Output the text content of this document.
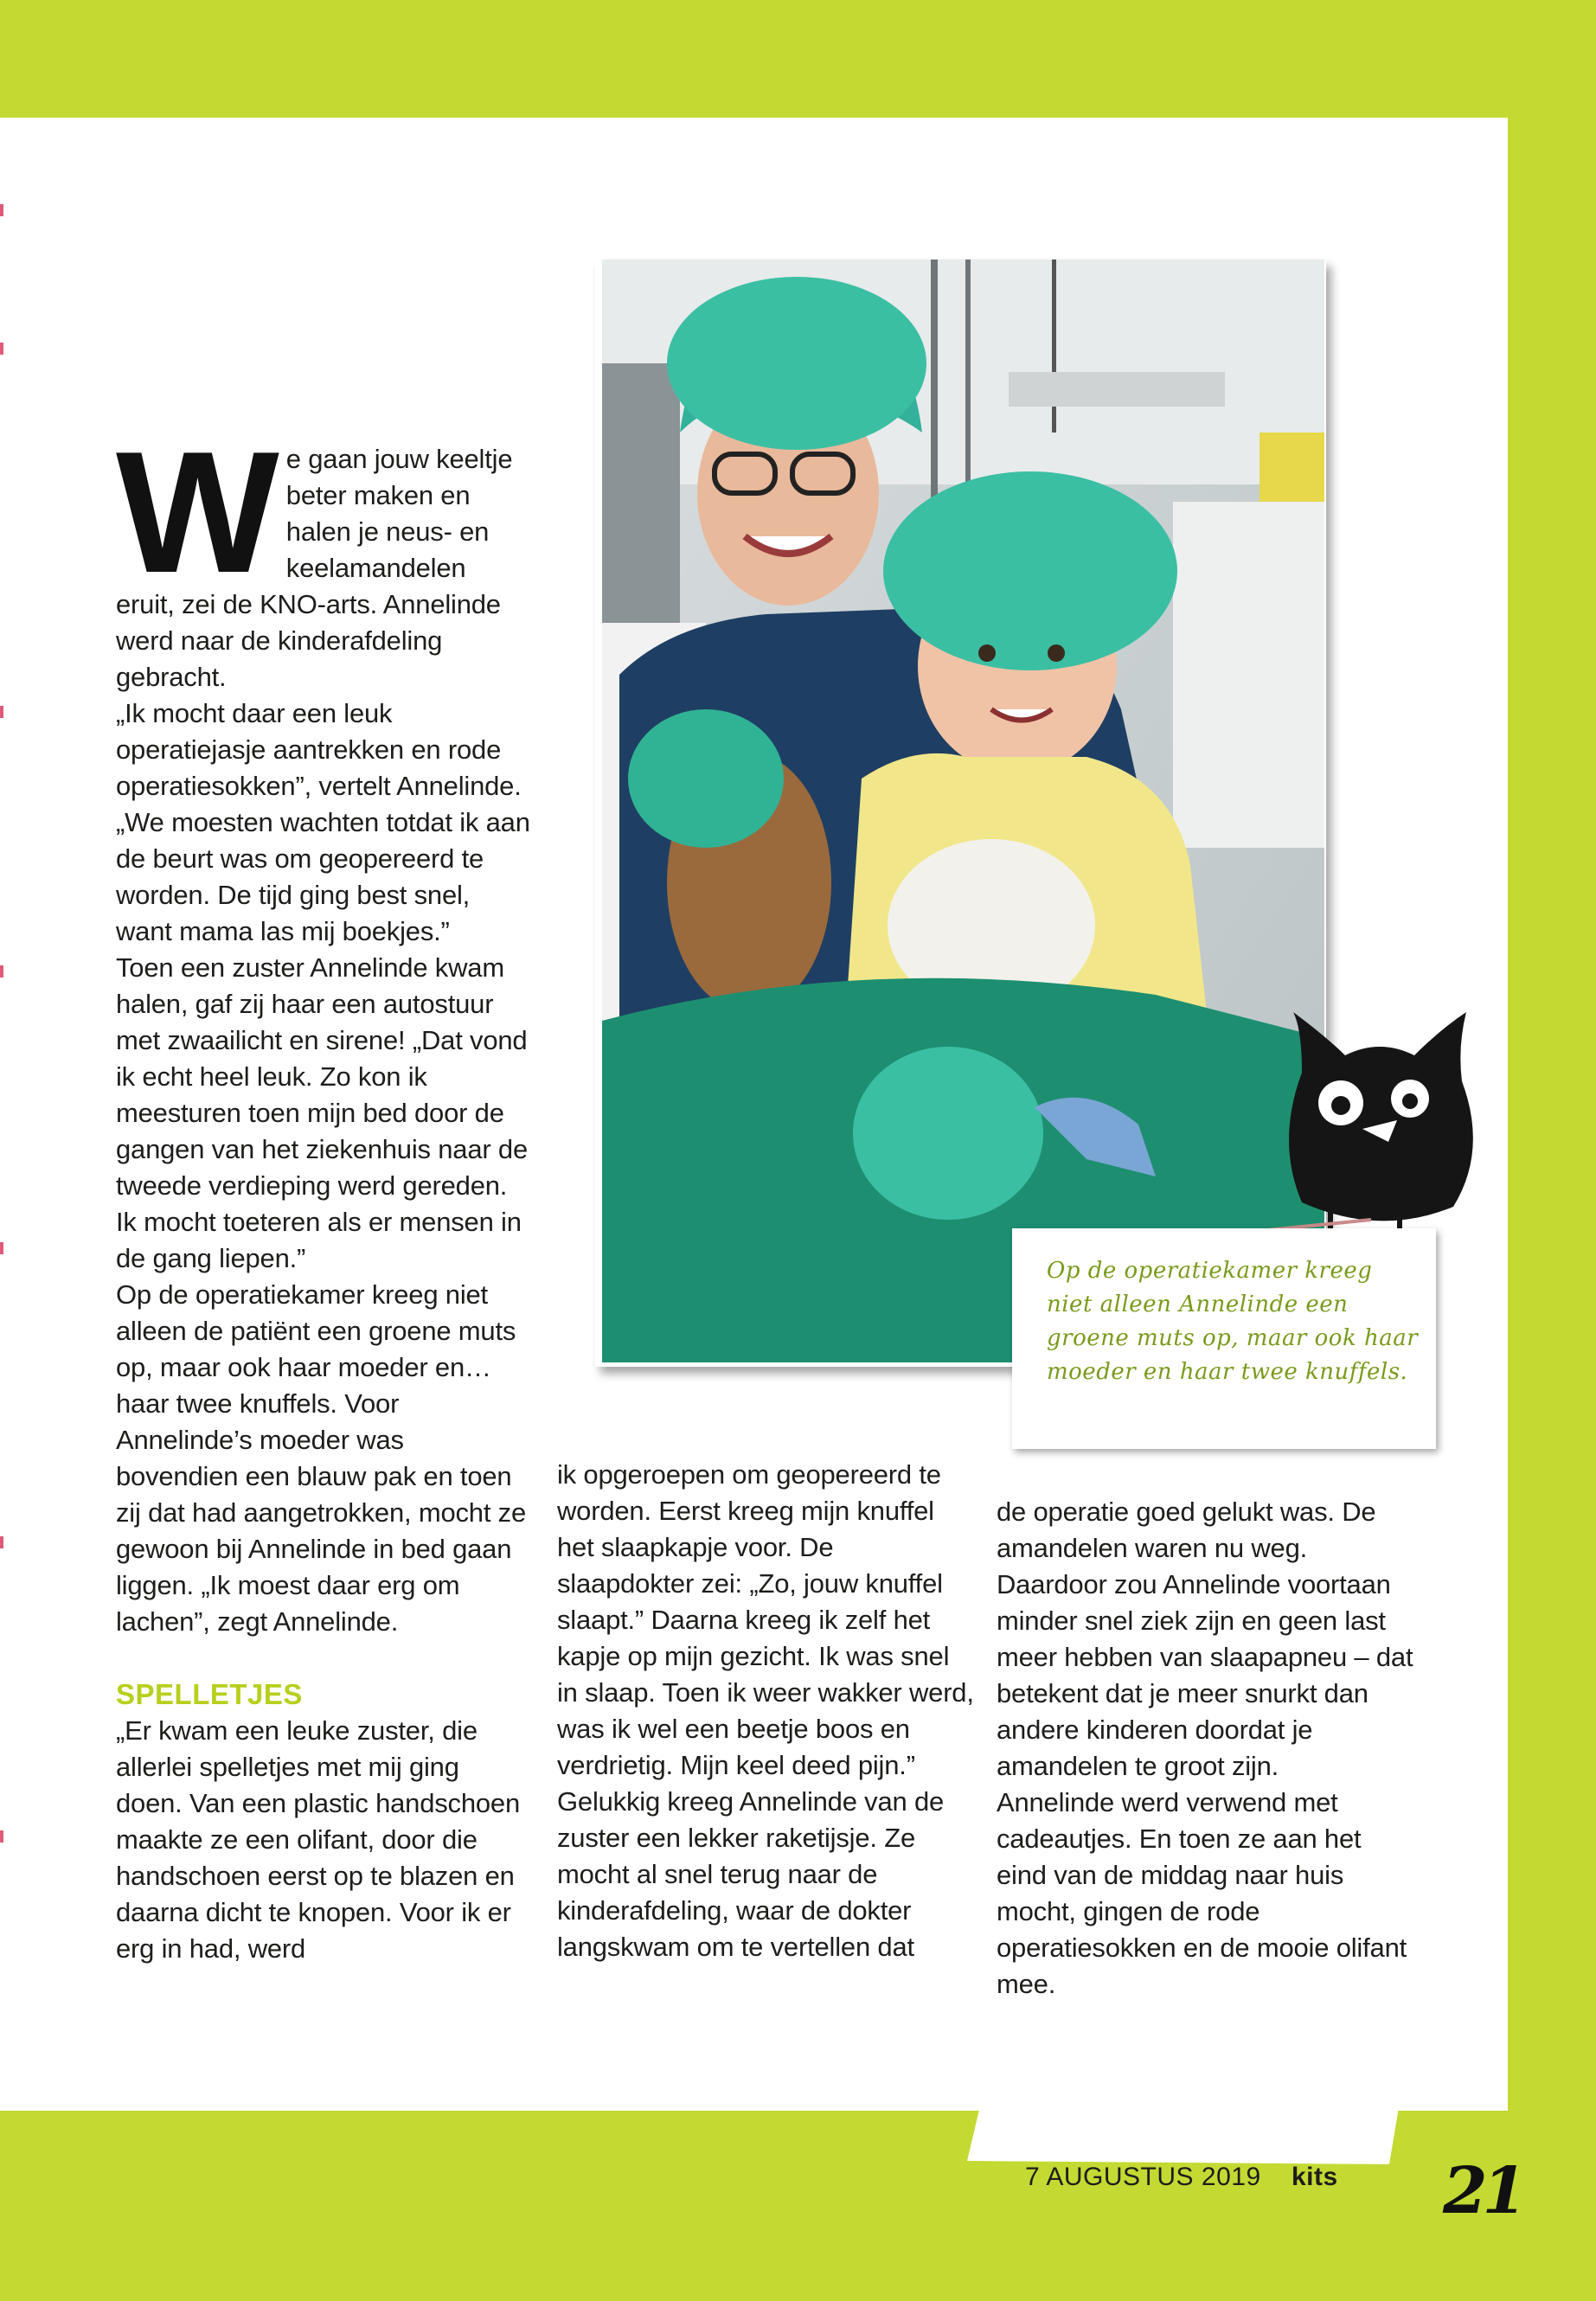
W e gaan jouw keeltje beter maken en halen je neus- en keelamandelen eruit, zei de KNO-arts. Annelinde werd naar de kinderafdeling gebracht.

„Ik mocht daar een leuk operatiejasje aantrekken en rode operatiesokken”, vertelt Annelinde. „We moesten wachten totdat ik aan de beurt was om geopereerd te worden. De tijd ging best snel, want mama las mij boekjes.”

Toen een zuster Annelinde kwam halen, gaf zij haar een autostuur met zwaailicht en sirene! „Dat vond ik echt heel leuk. Zo kon ik meesturen toen mijn bed door de gangen van het ziekenhuis naar de tweede verdieping werd gereden. Ik mocht toeteren als er mensen in de gang liepen.”

Op de operatiekamer kreeg niet alleen de patiënt een groene muts op, maar ook haar moeder en… haar twee knuffels. Voor Annelinde’s moeder was bovendien een blauw pak en toen zij dat had aangetrokken, mocht ze gewoon bij Annelinde in bed gaan liggen. „Ik moest daar erg om lachen”, zegt Annelinde.

SPELLETJES

„Er kwam een leuke zuster, die allerlei spelletjes met mij ging doen. Van een plastic handschoen maakte ze een olifant, door die handschoen eerst op te blazen en daarna dicht te knopen. Voor ik er erg in had, werd

ik opgeroepen om geopereerd te worden. Eerst kreeg mijn knuffel het slaapkapje voor. De slaapdokter zei: „Zo, jouw knuffel slaapt.” Daarna kreeg ik zelf het kapje op mijn gezicht. Ik was snel in slaap. Toen ik weer wakker werd, was ik wel een beetje boos en verdrietig. Mijn keel deed pijn.”

Gelukkig kreeg Annelinde van de zuster een lekker raketijsje. Ze mocht al snel terug naar de kinderafdeling, waar de dokter langskwam om te vertellen dat

de operatie goed gelukt was. De amandelen waren nu weg. Daardoor zou Annelinde voortaan minder snel ziek zijn en geen last meer hebben van slaapapneu – dat betekent dat je meer snurkt dan andere kinderen doordat je amandelen te groot zijn.

Annelinde werd verwend met cadeautjes. En toen ze aan het eind van de middag naar huis mocht, gingen de rode operatiesokken en de mooie olifant mee.

Op de operatiekamer kreeg niet alleen Annelinde een groene muts op, maar ook haar moeder en haar twee knuffels.
7 AUGUSTUS 2019 // kits // 21
